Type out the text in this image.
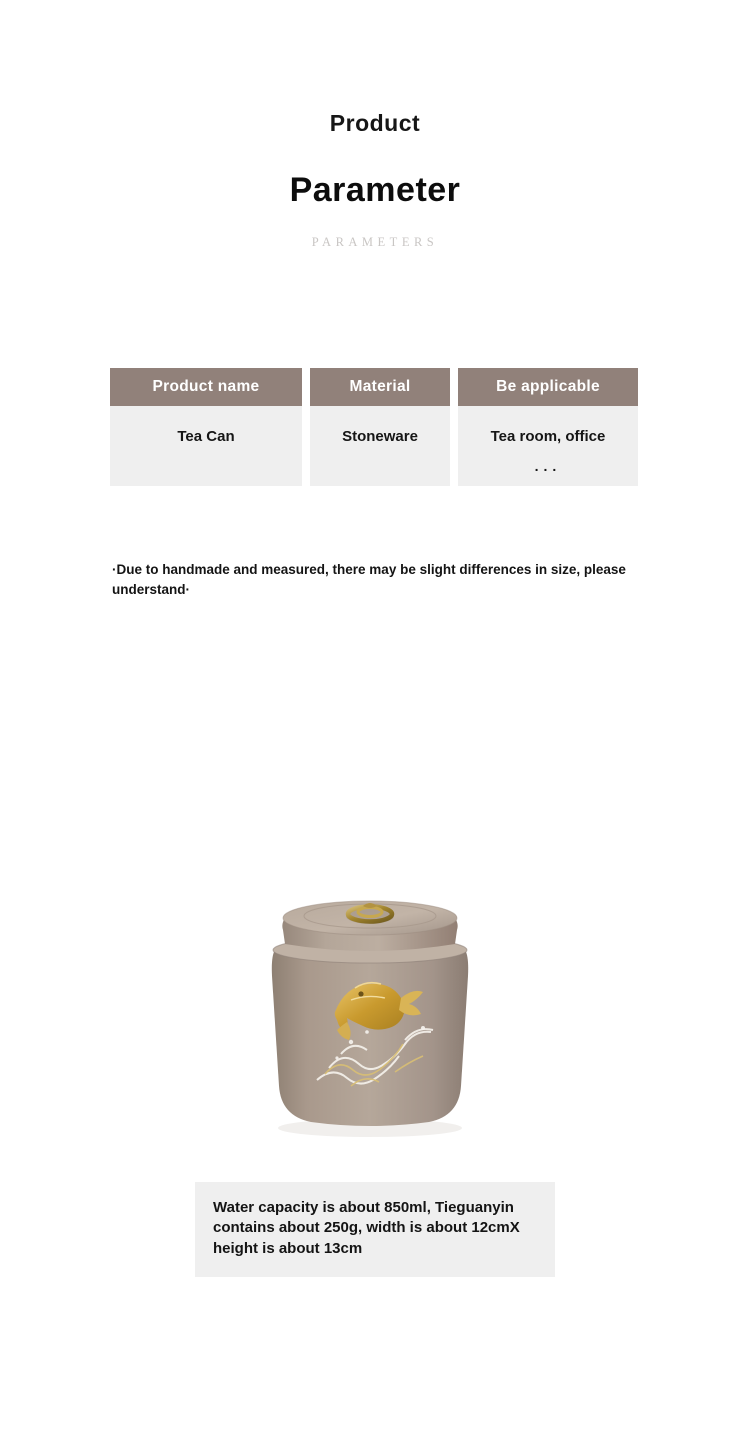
Product
Parameter
PARAMETERS
Product name
Tea Can
Material
Stoneware
Be applicable
Tea room, office
...
·Due to handmade and measured, there may be slight differences in size, please understand·
Water capacity is about 850ml, Tieguanyin contains about 250g, width is about 12cmX height is about 13cm
